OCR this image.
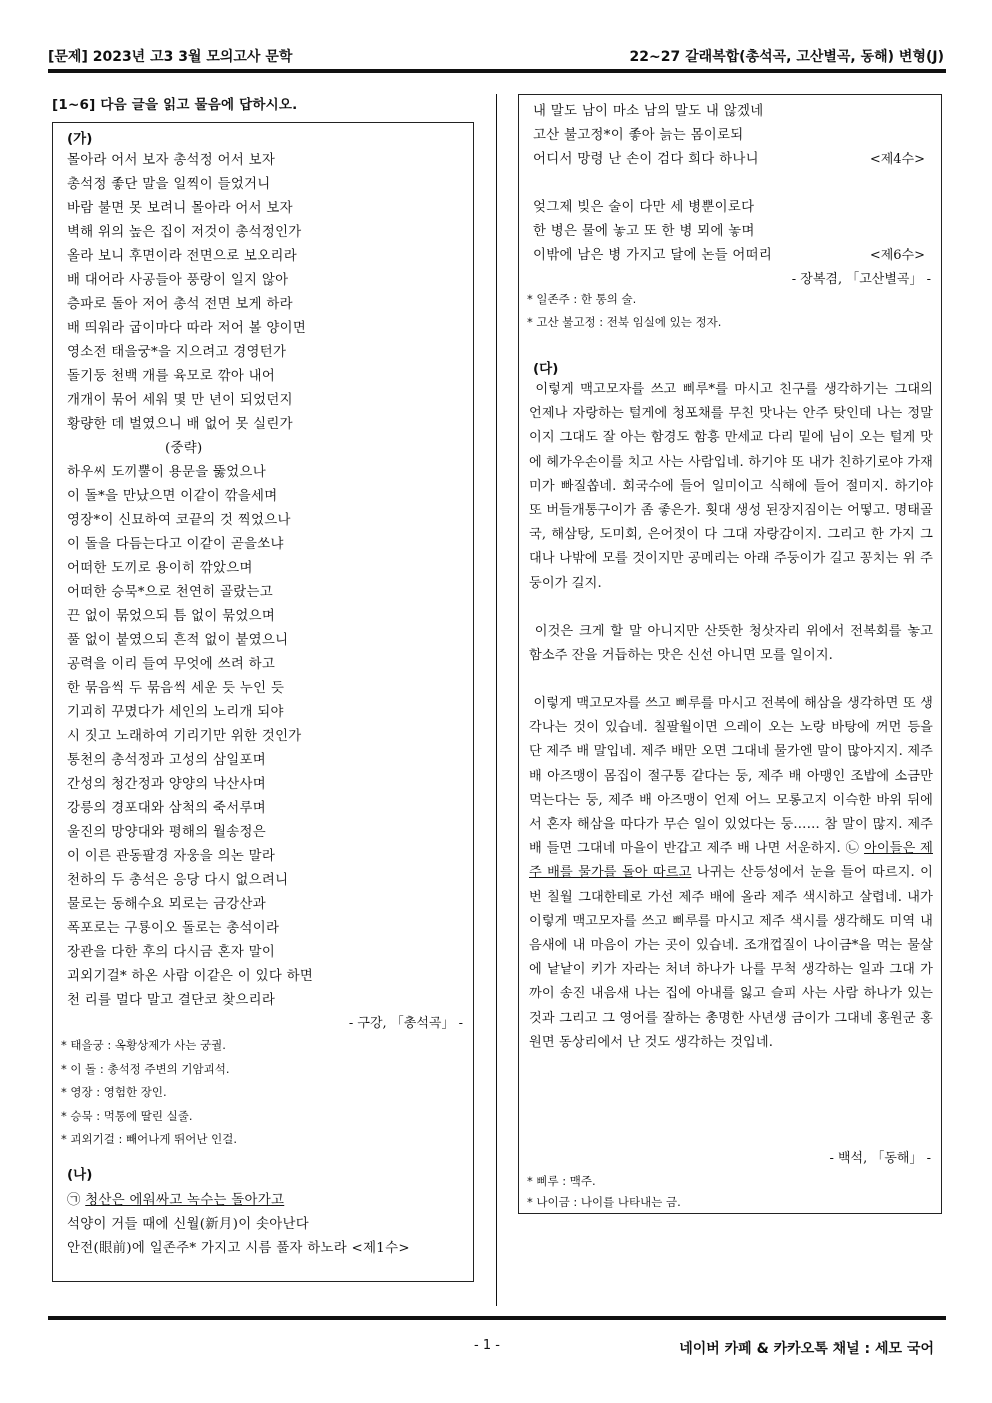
[문제] 2023년 고3 3월 모의고사 문학	22~27 갈래복합(총석곡, 고산별곡, 동해) 변형(J)
[1~6] 다음 글을 읽고 물음에 답하시오.
(가)
몰아라 어서 보자 총석정 어서 보자
총석정 좋단 말을 일찍이 들었거니
바람 불면 못 보려니 몰아라 어서 보자
벽해 위의 높은 집이 저것이 총석정인가
올라 보니 후면이라 전면으로 보오리라
배 대어라 사공들아 풍랑이 일지 않아
층파로 돌아 저어 총석 전면 보게 하라
배 띄워라 굽이마다 따라 저어 볼 양이면
영소전 태을궁*을 지으려고 경영턴가
돌기둥 천백 개를 육모로 깎아 내어
개개이 묶어 세워 몇 만 년이 되었던지
황량한 데 벌였으니 배 없어 못 실린가
(중략)
하우씨 도끼뿔이 용문을 뚫었으나
이 돌*을 만났으면 이같이 깎을세며
영장*이 신묘하여 코끝의 것 찍었으나
이 돌을 다듬는다고 이같이 곧을쏘냐
어떠한 도끼로 용이히 깎았으며
어떠한 승묵*으로 천연히 골랐는고
끈 없이 묶었으되 틈 없이 묶었으며
풀 없이 붙였으되 흔적 없이 붙였으니
공력을 이리 들여 무엇에 쓰려 하고
한 묶음씩 두 묶음씩 세운 듯 누인 듯
기괴히 꾸몄다가 세인의 노리개 되야
시 짓고 노래하여 기리기만 위한 것인가
통천의 총석정과 고성의 삼일포며
간성의 청간정과 양양의 낙산사며
강릉의 경포대와 삼척의 죽서루며
울진의 망양대와 평해의 월송정은
이 이른 관동팔경 자웅을 의논 말라
천하의 두 총석은 응당 다시 없으려니
물로는 동해수요 뫼로는 금강산과
폭포로는 구룡이오 돌로는 총석이라
장관을 다한 후의 다시금 혼자 말이
괴외기걸* 하온 사람 이같은 이 있다 하면
천 리를 멀다 말고 결단코 찾으리라
- 구강, 「총석곡」 -
* 태을궁 : 옥황상제가 사는 궁궐.
* 이 돌 : 총석정 주변의 기암괴석.
* 영장 : 영험한 장인.
* 승묵 : 먹통에 딸린 실줄.
* 괴외기걸 : 빼어나게 뛰어난 인걸.
(나)
㉠ 청산은 에워싸고 녹수는 돌아가고
석양이 거들 때에 신월(新月)이 솟아난다
안전(眼前)에 일존주* 가지고 시름 풀자 하노라 <제1수>
내 말도 남이 마소 남의 말도 내 않겠네
고산 불고정*이 좋아 늙는 몸이로되
어디서 망령 난 손이 검다 희다 하나니	<제4수>
엊그제 빚은 술이 다만 세 병뿐이로다
한 병은 물에 놓고 또 한 병 뫼에 놓며
이밖에 남은 병 가지고 달에 논들 어떠리	<제6수>
- 장복겸, 「고산별곡」 -
* 일존주 : 한 통의 술.
* 고산 불고정 : 전북 임실에 있는 정자.
(다)
이렇게 맥고모자를 쓰고 삐루*를 마시고 친구를 생각하기는 그대의 언제나 자랑하는 털게에 청포채를 무친 맛나는 안주 탓인데 나는 정말이지 그대도 잘 아는 함경도 함흥 만세교 다리 밑에 님이 오는 털게 맛에 헤가우손이를 치고 사는 사람입네. 하기야 또 내가 친하기로야 가재미가 빠질쏩네. 회국수에 들어 일미이고 식해에 들어 절미지. 하기야 또 버들개통구이가 좀 좋은가. 횟대 생성 된장지짐이는 어떻고. 명태골국, 해삼탕, 도미회, 은어젓이 다 그대 자랑감이지. 그리고 한 가지 그대나 나밖에 모를 것이지만 공메리는 아래 주둥이가 길고 꽁치는 위 주둥이가 길지.
이것은 크게 할 말 아니지만 산뜻한 청삿자리 위에서 전복회를 놓고 함소주 잔을 거듭하는 맛은 신선 아니면 모를 일이지.
이렇게 맥고모자를 쓰고 삐루를 마시고 전복에 해삼을 생각하면 또 생각나는 것이 있습네. 칠팔월이면 으레이 오는 노랑 바탕에 꺼먼 등을 단 제주 배 말입네. 제주 배만 오면 그대네 물가엔 말이 많아지지. 제주 배 아즈맹이 몸집이 절구통 같다는 둥, 제주 배 아맹인 조밥에 소금만 먹는다는 둥, 제주 배 아즈맹이 언제 어느 모롱고지 이슥한 바위 뒤에서 혼자 해삼을 따다가 무슨 일이 있었다는 둥…… 참 말이 많지. 제주 배 들면 그대네 마을이 반갑고 제주 배 나면 서운하지. ㉡ 아이들은 제주 배를 물가를 돌아 따르고 나귀는 산등성에서 눈을 들어 따르지. 이번 칠월 그대한테로 가선 제주 배에 올라 제주 색시하고 살렵네. 내가 이렇게 맥고모자를 쓰고 삐루를 마시고 제주 색시를 생각해도 미역 내음새에 내 마음이 가는 곳이 있습네. 조개껍질이 나이금*을 먹는 물살에 낱낱이 키가 자라는 처녀 하나가 나를 무척 생각하는 일과 그대 가까이 송진 내음새 나는 집에 아내를 잃고 슬피 사는 사람 하나가 있는 것과 그리고 그 영어를 잘하는 총명한 사년생 금이가 그대네 홍원군 홍원면 동상리에서 난 것도 생각하는 것입네.
- 백석, 「동해」 -
* 삐루 : 맥주.
* 나이금 : 나이를 나타내는 금.
- 1 -	네이버 카페 & 카카오톡 채널 : 세모 국어
